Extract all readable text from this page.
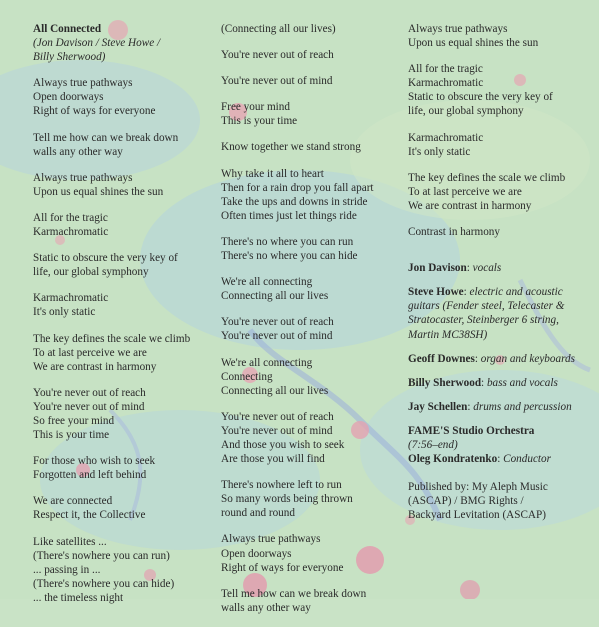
All Connected
(Jon Davison / Steve Howe /
Billy Sherwood)
Always true pathways
Open doorways
Right of ways for everyone
Tell me how can we break down
walls any other way
Always true pathways
Upon us equal shines the sun
All for the tragic
Karmachromatic
Static to obscure the very key of
life, our global symphony
Karmachromatic
It's only static
The key defines the scale we climb
To at last perceive we are
We are contrast in harmony
You're never out of reach
You're never out of mind
So free your mind
This is your time
For those who wish to seek
Forgotten and left behind
We are connected
Respect it, the Collective
Like satellites ...
(There's nowhere you can run)
... passing in ...
(There's nowhere you can hide)
... the timeless night
(Connecting all our lives)
You're never out of reach
You're never out of mind
Free your mind
This is your time
Know together we stand strong
Why take it all to heart
Then for a rain drop you fall apart
Take the ups and downs in stride
Often times just let things ride
There's no where you can run
There's no where you can hide
We're all connecting
Connecting all our lives
You're never out of reach
You're never out of mind
We're all connecting
Connecting
Connecting all our lives
You're never out of reach
You're never out of mind
And those you wish to seek
Are those you will find
There's nowhere left to run
So many words being thrown
round and round
Always true pathways
Open doorways
Right of ways for everyone
Tell me how can we break down
walls any other way
Always true pathways
Upon us equal shines the sun
All for the tragic
Karmachromatic
Static to obscure the very key of
life, our global symphony
Karmachromatic
It's only static
The key defines the scale we climb
To at last perceive we are
We are contrast in harmony
Contrast in harmony
Jon Davison: vocals
Steve Howe: electric and acoustic guitars (Fender steel, Telecaster & Stratocaster, Steinberger 6 string, Martin MC38SH)
Geoff Downes: organ and keyboards
Billy Sherwood: bass and vocals
Jay Schellen: drums and percussion
FAME'S Studio Orchestra
(7:56–end)
Oleg Kondratenko: Conductor
Published by: My Aleph Music (ASCAP) / BMG Rights / Backyard Levitation (ASCAP)
